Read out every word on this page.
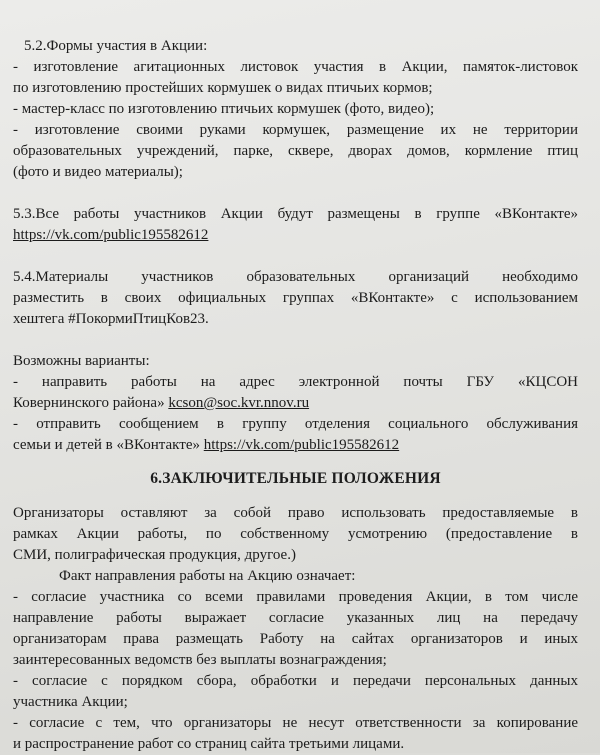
5.2.Формы участия в Акции:

- изготовление агитационных листовок участия в Акции, памяток-листовок

по изготовлению простейших кормушек о видах птичьих кормов;

- мастер-класс по изготовлению птичьих кормушек (фото, видео);

- изготовление своими руками кормушек, размещение их не территории

образовательных учреждений, парке, сквере, дворах домов, кормление птиц

(фото и видео материалы);

5.3.Все работы участников Акции будут размещены в группе «ВКонтакте»

https://vk.com/public195582612

5.4.Материалы участников образовательных организаций необходимо

разместить в своих официальных группах «ВКонтакте» с использованием

хештега #ПокормиПтицКов23.

Возможны варианты:

- направить работы на адрес электронной почты ГБУ «КЦСОН

Ковернинского района» kcson@soc.kvr.nnov.ru

- отправить сообщением в группу отделения социального обслуживания

семьи и детей в «ВКонтакте» https://vk.com/public195582612

6.ЗАКЛЮЧИТЕЛЬНЫЕ ПОЛОЖЕНИЯ

Организаторы оставляют за собой право использовать предоставляемые в

рамках Акции работы, по собственному усмотрению (предоставление в

СМИ, полиграфическая продукция, другое.)

Факт направления работы на Акцию означает:

- согласие участника со всеми правилами проведения Акции, в том числе

направление работы выражает согласие указанных лиц на передачу

организаторам права размещать Работу на сайтах организаторов и иных

заинтересованных ведомств без выплаты вознаграждения;

- согласие с порядком сбора, обработки и передачи персональных данных

участника Акции;

- согласие с тем, что организаторы не несут ответственности за копирование

и распространение работ со страниц сайта третьими лицами.
